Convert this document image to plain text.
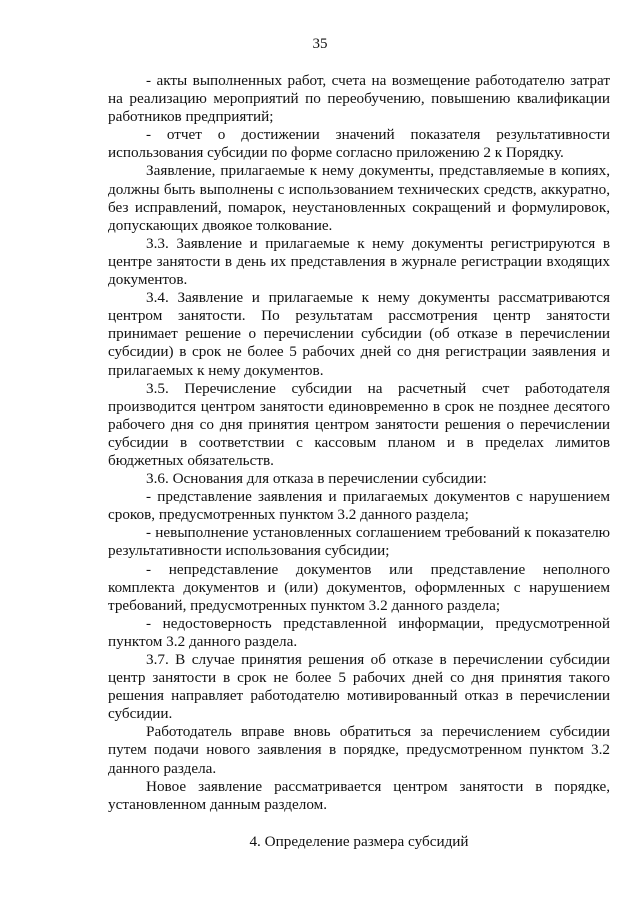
35

- акты выполненных работ, счета на возмещение работодателю затрат на реализацию мероприятий по переобучению, повышению квалификации работников предприятий;

- отчет о достижении значений показателя результативности использования субсидии по форме согласно приложению 2 к Порядку.

Заявление, прилагаемые к нему документы, представляемые в копиях, должны быть выполнены с использованием технических средств, аккуратно, без исправлений, помарок, неустановленных сокращений и формулировок, допускающих двоякое толкование.

3.3. Заявление и прилагаемые к нему документы регистрируются в центре занятости в день их представления в журнале регистрации входящих документов.

3.4. Заявление и прилагаемые к нему документы рассматриваются центром занятости. По результатам рассмотрения центр занятости принимает решение о перечислении субсидии (об отказе в перечислении субсидии) в срок не более 5 рабочих дней со дня регистрации заявления и прилагаемых к нему документов.

3.5. Перечисление субсидии на расчетный счет работодателя производится центром занятости единовременно в срок не позднее десятого рабочего дня со дня принятия центром занятости решения о перечислении субсидии в соответствии с кассовым планом и в пределах лимитов бюджетных обязательств.

3.6. Основания для отказа в перечислении субсидии:

- представление заявления и прилагаемых документов с нарушением сроков, предусмотренных пунктом 3.2 данного раздела;

- невыполнение установленных соглашением требований к показателю результативности использования субсидии;

- непредставление документов или представление неполного комплекта документов и (или) документов, оформленных с нарушением требований, предусмотренных пунктом 3.2 данного раздела;

- недостоверность представленной информации, предусмотренной пунктом 3.2 данного раздела.

3.7. В случае принятия решения об отказе в перечислении субсидии центр занятости в срок не более 5 рабочих дней со дня принятия такого решения направляет работодателю мотивированный отказ в перечислении субсидии.

Работодатель вправе вновь обратиться за перечислением субсидии путем подачи нового заявления в порядке, предусмотренном пунктом 3.2 данного раздела.

Новое заявление рассматривается центром занятости в порядке, установленном данным разделом.

4. Определение размера субсидий
